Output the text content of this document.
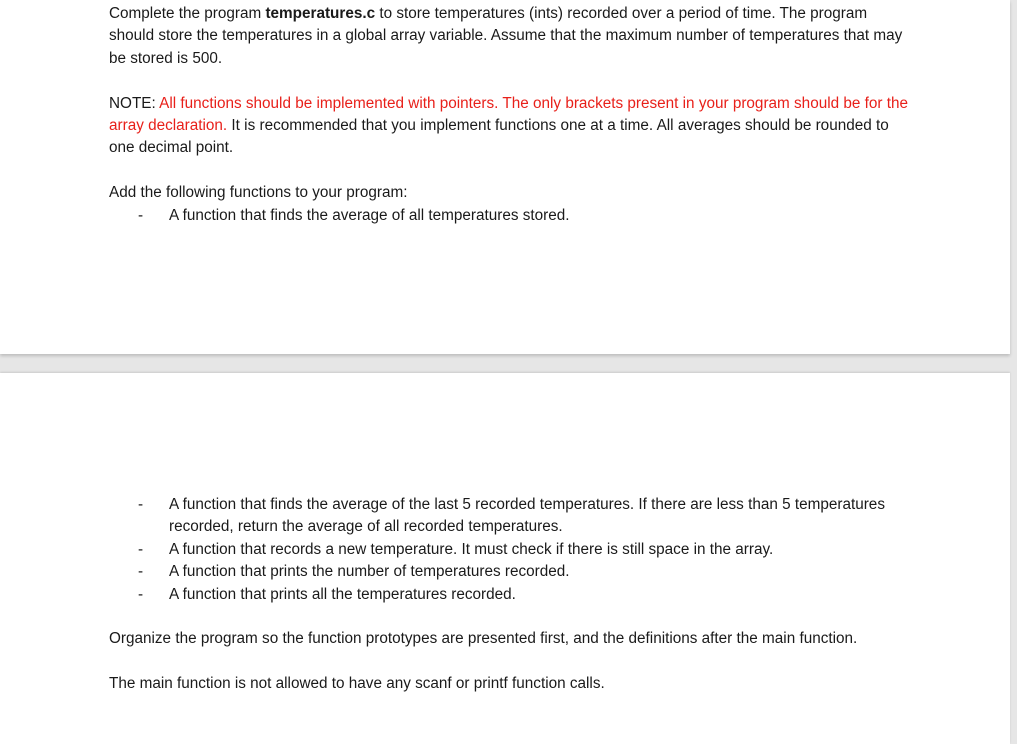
Complete the program temperatures.c to store temperatures (ints) recorded over a period of time. The program should store the temperatures in a global array variable. Assume that the maximum number of temperatures that may be stored is 500.

NOTE: All functions should be implemented with pointers. The only brackets present in your program should be for the array declaration. It is recommended that you implement functions one at a time. All averages should be rounded to one decimal point.

Add the following functions to your program:

- A function that finds the average of all temperatures stored.
- A function that finds the average of the last 5 recorded temperatures. If there are less than 5 temperatures recorded, return the average of all recorded temperatures.
- A function that records a new temperature. It must check if there is still space in the array.
- A function that prints the number of temperatures recorded.
- A function that prints all the temperatures recorded.

Organize the program so the function prototypes are presented first, and the definitions after the main function.

The main function is not allowed to have any scanf or printf function calls.
